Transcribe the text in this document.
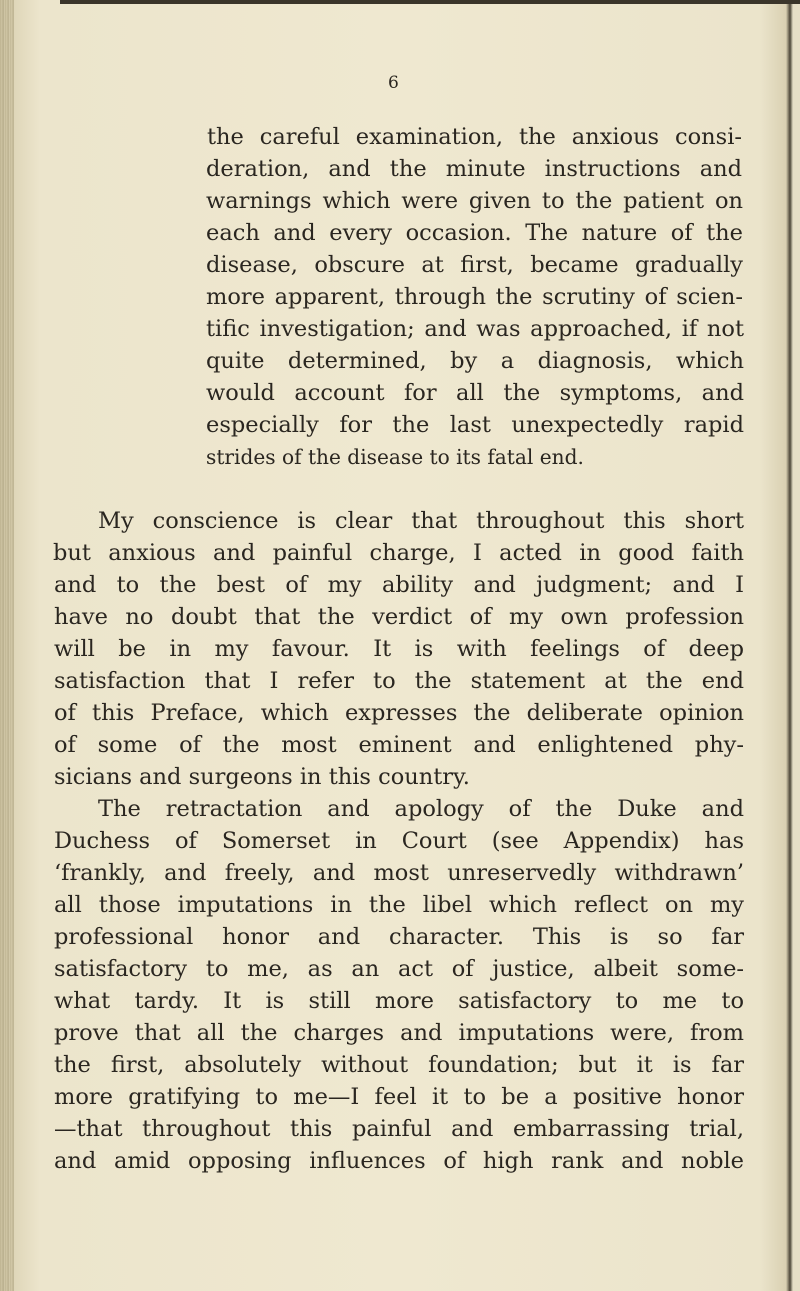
6
the careful examination, the anxious consi-
deration, and the minute instructions and
warnings which were given to the patient on
each and every occasion. The nature of the
disease, obscure at first, became gradually
more apparent, through the scrutiny of scien-
tific investigation; and was approached, if not
quite determined, by a diagnosis, which
would account for all the symptoms, and
especially for the last unexpectedly rapid
strides of the disease to its fatal end.
My conscience is clear that throughout this short
but anxious and painful charge, I acted in good faith
and to the best of my ability and judgment; and I
have no doubt that the verdict of my own profession
will be in my favour. It is with feelings of deep
satisfaction that I refer to the statement at the end
of this Preface, which expresses the deliberate opinion
of some of the most eminent and enlightened phy-
sicians and surgeons in this country.
The retractation and apology of the Duke and
Duchess of Somerset in Court (see Appendix) has
‘frankly, and freely, and most unreservedly withdrawn’
all those imputations in the libel which reflect on my
professional honor and character. This is so far
satisfactory to me, as an act of justice, albeit some-
what tardy. It is still more satisfactory to me to
prove that all the charges and imputations were, from
the first, absolutely without foundation; but it is far
more gratifying to me—I feel it to be a positive honor
—that throughout this painful and embarrassing trial,
and amid opposing influences of high rank and noble
